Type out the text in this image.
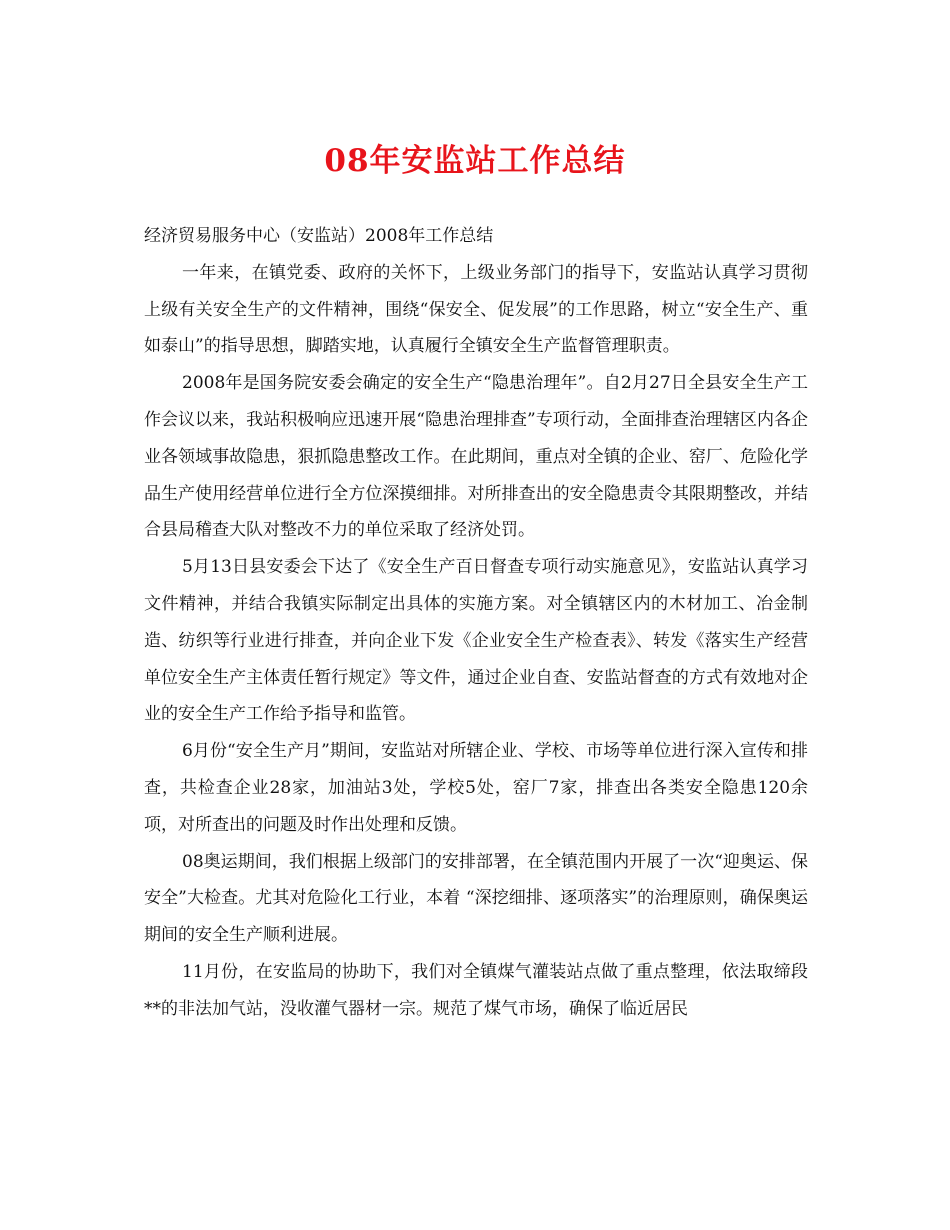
08年安监站工作总结

经济贸易服务中心（安监站）2008年工作总结

一年来，在镇党委、政府的关怀下，上级业务部门的指导下，安监站认真学习贯彻上级有关安全生产的文件精神，围绕“保安全、促发展”的工作思路，树立“安全生产、重如泰山”的指导思想，脚踏实地，认真履行全镇安全生产监督管理职责。

2008年是国务院安委会确定的安全生产“隐患治理年”。自2月27日全县安全生产工作会议以来，我站积极响应迅速开展“隐患治理排查”专项行动，全面排查治理辖区内各企业各领域事故隐患，狠抓隐患整改工作。在此期间，重点对全镇的企业、窑厂、危险化学品生产使用经营单位进行全方位深摸细排。对所排查出的安全隐患责令其限期整改，并结合县局稽查大队对整改不力的单位采取了经济处罚。

5月13日县安委会下达了《安全生产百日督查专项行动实施意见》，安监站认真学习文件精神，并结合我镇实际制定出具体的实施方案。对全镇辖区内的木材加工、冶金制造、纺织等行业进行排查，并向企业下发《企业安全生产检查表》、转发《落实生产经营单位安全生产主体责任暂行规定》等文件，通过企业自查、安监站督查的方式有效地对企业的安全生产工作给予指导和监管。

6月份“安全生产月”期间，安监站对所辖企业、学校、市场等单位进行深入宣传和排查，共检查企业28家，加油站3处，学校5处，窑厂7家，排查出各类安全隐患120余项，对所查出的问题及时作出处理和反馈。

08奥运期间，我们根据上级部门的安排部署，在全镇范围内开展了一次“迎奥运、保安全”大检查。尤其对危险化工行业，本着 “深挖细排、逐项落实”的治理原则，确保奥运期间的安全生产顺利进展。

11月份，在安监局的协助下，我们对全镇煤气灌装站点做了重点整理，依法取缔段**的非法加气站，没收灌气器材一宗。规范了煤气市场，确保了临近居民
